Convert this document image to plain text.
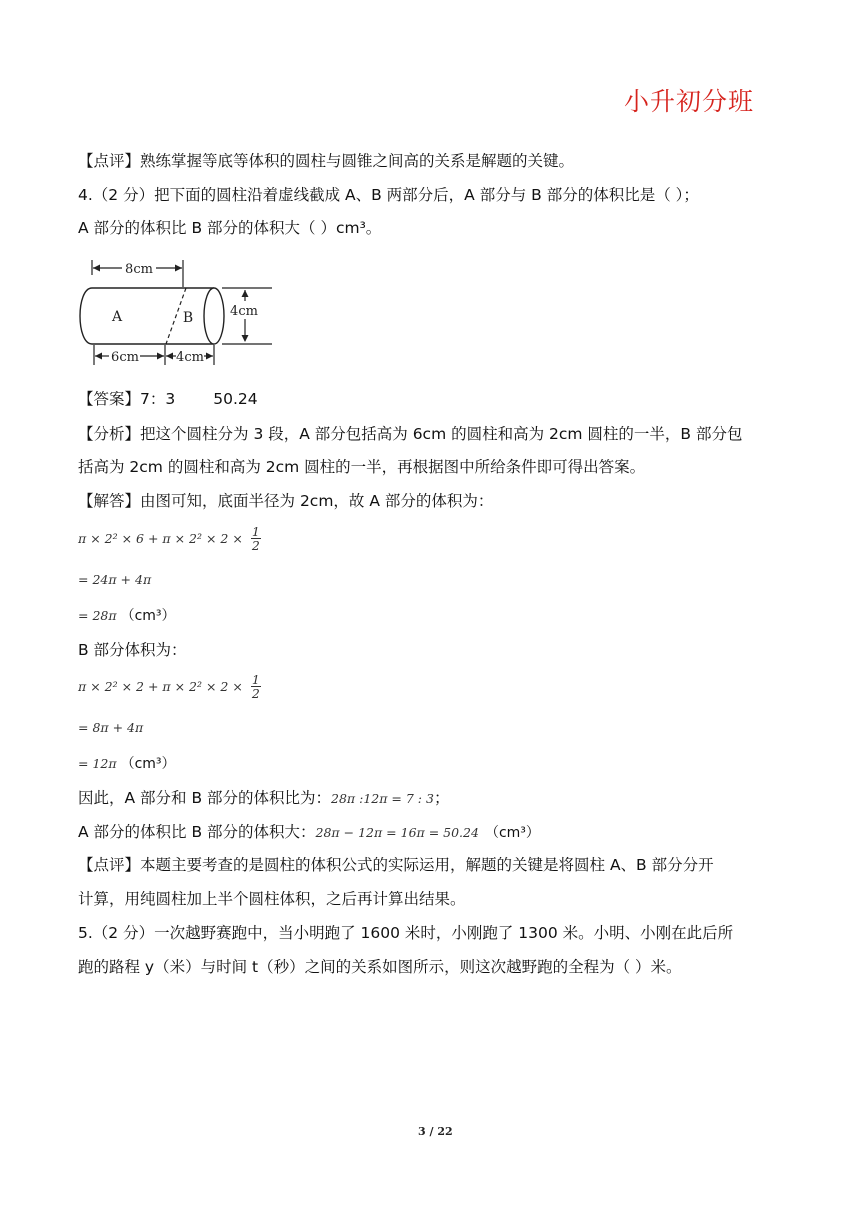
小升初分班
【点评】熟练掌握等底等体积的圆柱与圆锥之间高的关系是解题的关键。
4.（2 分）把下面的圆柱沿着虚线截成 A、B 两部分后，A 部分与 B 部分的体积比是（ ）；
A 部分的体积比 B 部分的体积大（ ）cm³。
8cm
A	B	4cm
6cm	4cm
【答案】7：3 50.24
【分析】把这个圆柱分为 3 段，A 部分包括高为 6cm 的圆柱和高为 2cm 圆柱的一半，B 部分包
括高为 2cm 的圆柱和高为 2cm 圆柱的一半，再根据图中所给条件即可得出答案。
【解答】由图可知，底面半径为 2cm，故 A 部分的体积为：
$\pi \times 2^2 \times 6 + \pi \times 2^2 \times 2 \times \frac{1}{2}$
= 24π + 4π
= 28π （cm³）
B 部分体积为：
$\pi \times 2^2 \times 2 + \pi \times 2^2 \times 2 \times \frac{1}{2}$
= 8π + 4π
= 12π （cm³）
因此，A 部分和 B 部分的体积比为：28π :12π = 7 : 3；
A 部分的体积比 B 部分的体积大：28π − 12π = 16π = 50.24 （cm³）
【点评】本题主要考查的是圆柱的体积公式的实际运用，解题的关键是将圆柱 A、B 部分分开
计算，用纯圆柱加上半个圆柱体积，之后再计算出结果。
5.（2 分）一次越野赛跑中，当小明跑了 1600 米时，小刚跑了 1300 米。小明、小刚在此后所
跑的路程 y（米）与时间 t（秒）之间的关系如图所示，则这次越野跑的全程为（ ）米。
3 / 22
